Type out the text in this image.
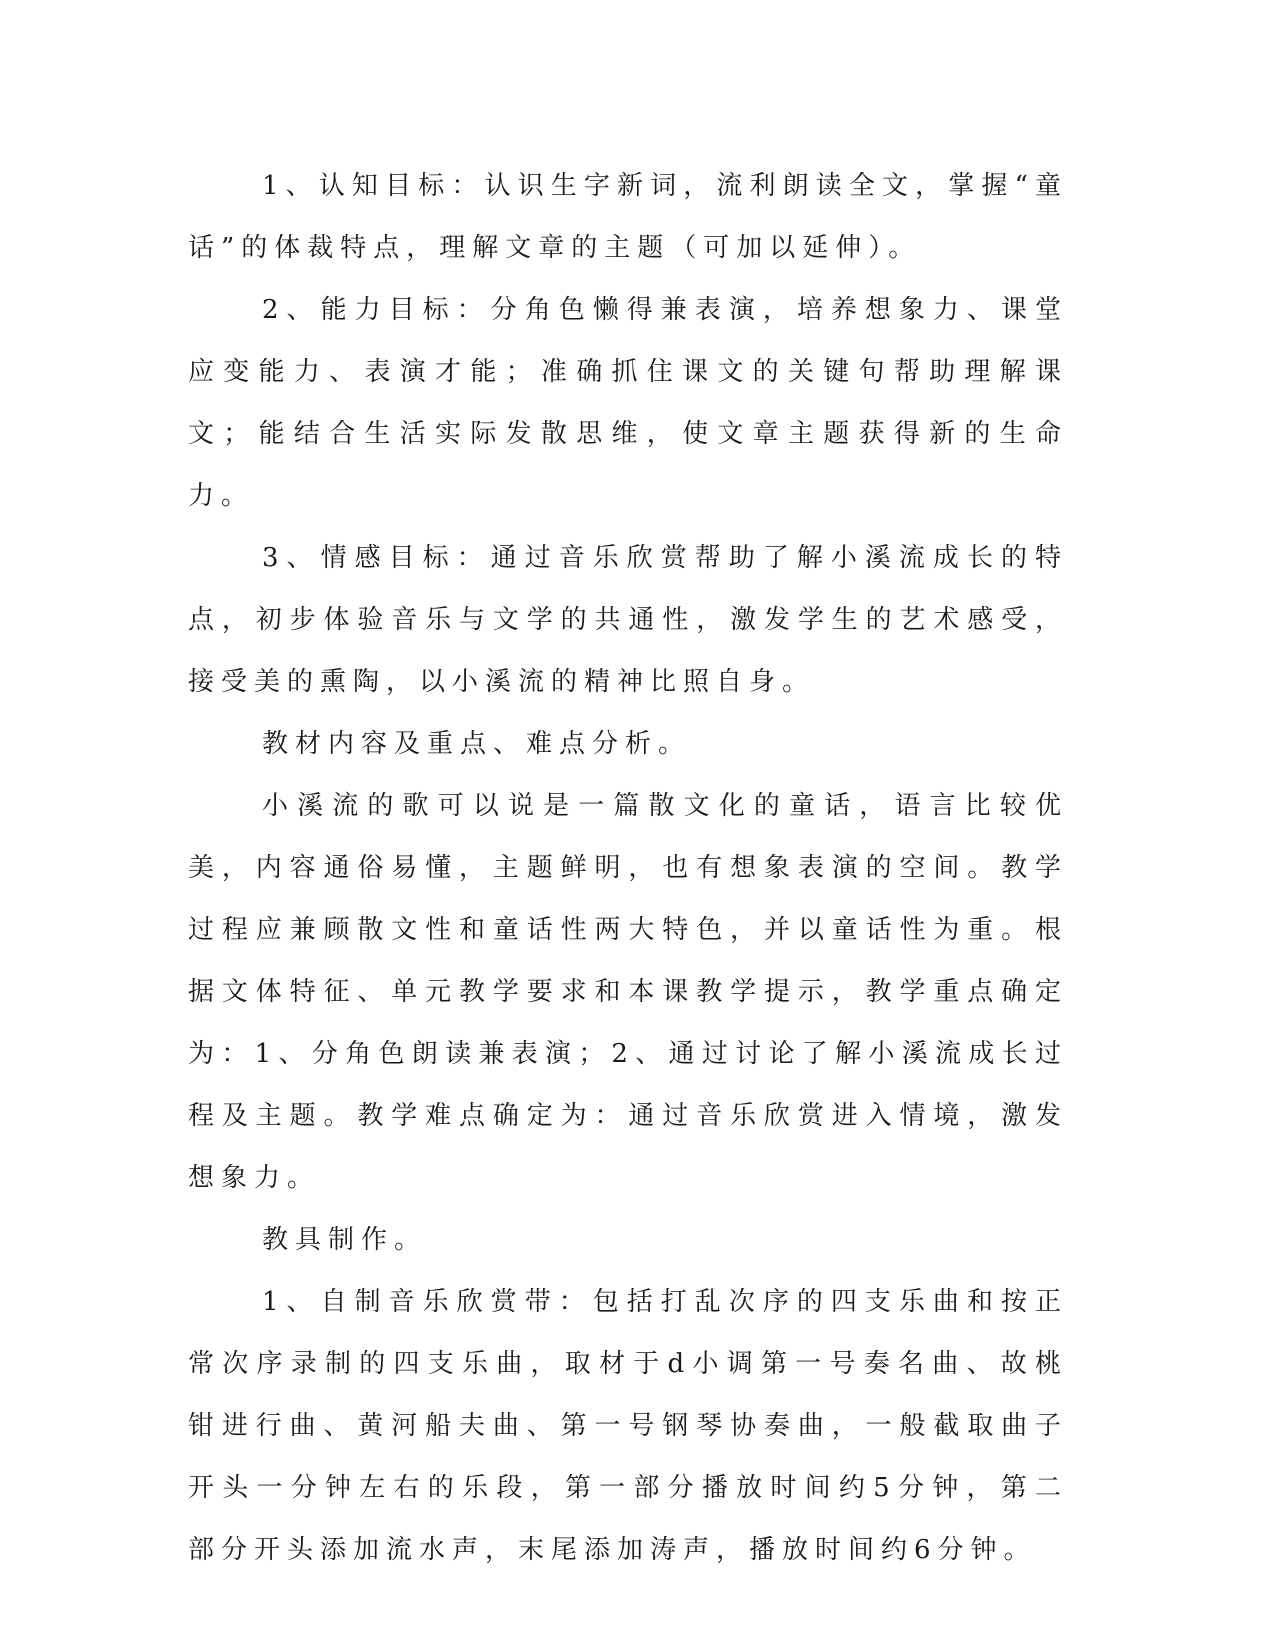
1、认知目标：认识生字新词，流利朗读全文，掌握“童话”的体裁特点，理解文章的主题（可加以延伸）。

2、能力目标：分角色懒得兼表演，培养想象力、课堂应变能力、表演才能；准确抓住课文的关键句帮助理解课文；能结合生活实际发散思维，使文章主题获得新的生命力。

3、情感目标：通过音乐欣赏帮助了解小溪流成长的特点，初步体验音乐与文学的共通性，激发学生的艺术感受，接受美的熏陶，以小溪流的精神比照自身。

教材内容及重点、难点分析。

小溪流的歌可以说是一篇散文化的童话，语言比较优美，内容通俗易懂，主题鲜明，也有想象表演的空间。教学过程应兼顾散文性和童话性两大特色，并以童话性为重。根据文体特征、单元教学要求和本课教学提示，教学重点确定为：1、分角色朗读兼表演；2、通过讨论了解小溪流成长过程及主题。教学难点确定为：通过音乐欣赏进入情境，激发想象力。

教具制作。

1、自制音乐欣赏带：包括打乱次序的四支乐曲和按正常次序录制的四支乐曲，取材于d小调第一号奏名曲、故桃钳进行曲、黄河船夫曲、第一号钢琴协奏曲，一般截取曲子开头一分钟左右的乐段，第一部分播放时间约5分钟，第二部分开头添加流水声，末尾添加涛声，播放时间约6分钟。
